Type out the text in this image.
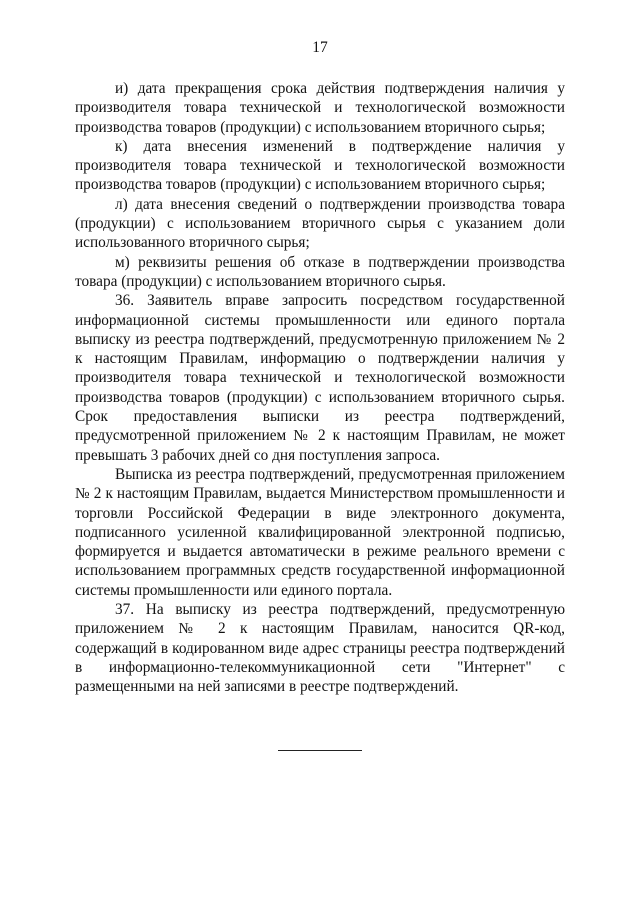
17

и) дата прекращения срока действия подтверждения наличия у производителя товара технической и технологической возможности производства товаров (продукции) с использованием вторичного сырья;

к) дата внесения изменений в подтверждение наличия у производителя товара технической и технологической возможности производства товаров (продукции) с использованием вторичного сырья;

л) дата внесения сведений о подтверждении производства товара (продукции) с использованием вторичного сырья с указанием доли использованного вторичного сырья;

м) реквизиты решения об отказе в подтверждении производства товара (продукции) с использованием вторичного сырья.

36. Заявитель вправе запросить посредством государственной информационной системы промышленности или единого портала выписку из реестра подтверждений, предусмотренную приложением № 2 к настоящим Правилам, информацию о подтверждении наличия у производителя товара технической и технологической возможности производства товаров (продукции) с использованием вторичного сырья. Срок предоставления выписки из реестра подтверждений, предусмотренной приложением № 2 к настоящим Правилам, не может превышать 3 рабочих дней со дня поступления запроса.

Выписка из реестра подтверждений, предусмотренная приложением № 2 к настоящим Правилам, выдается Министерством промышленности и торговли Российской Федерации в виде электронного документа, подписанного усиленной квалифицированной электронной подписью, формируется и выдается автоматически в режиме реального времени с использованием программных средств государственной информационной системы промышленности или единого портала.

37. На выписку из реестра подтверждений, предусмотренную приложением № 2 к настоящим Правилам, наносится QR-код, содержащий в кодированном виде адрес страницы реестра подтверждений в информационно-телекоммуникационной сети "Интернет" с размещенными на ней записями в реестре подтверждений.
